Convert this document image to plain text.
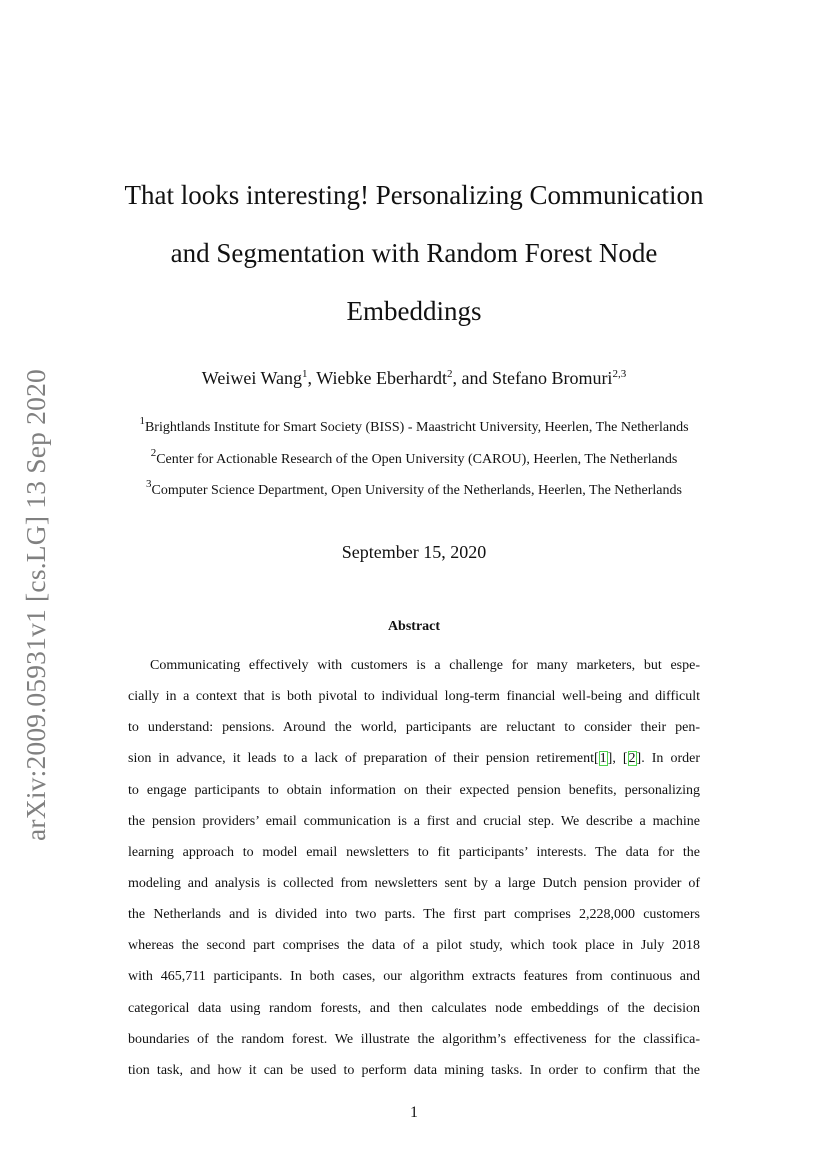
arXiv:2009.05931v1 [cs.LG] 13 Sep 2020
That looks interesting! Personalizing Communication
and Segmentation with Random Forest Node
Embeddings
Weiwei Wang$^1$, Wiebke Eberhardt$^2$, and Stefano Bromuri$^{2,3}$
$^1$Brightlands Institute for Smart Society (BISS) - Maastricht University, Heerlen, The Netherlands
$^2$Center for Actionable Research of the Open University (CAROU), Heerlen, The Netherlands
$^3$Computer Science Department, Open University of the Netherlands, Heerlen, The Netherlands
September 15, 2020
Abstract
Communicating effectively with customers is a challenge for many marketers, but espe-
cially in a context that is both pivotal to individual long-term financial well-being and difficult
to understand: pensions. Around the world, participants are reluctant to consider their pen-
sion in advance, it leads to a lack of preparation of their pension retirement[1], [2]. In order
to engage participants to obtain information on their expected pension benefits, personalizing
the pension providers’ email communication is a first and crucial step. We describe a machine
learning approach to model email newsletters to fit participants’ interests. The data for the
modeling and analysis is collected from newsletters sent by a large Dutch pension provider of
the Netherlands and is divided into two parts. The first part comprises 2,228,000 customers
whereas the second part comprises the data of a pilot study, which took place in July 2018
with 465,711 participants. In both cases, our algorithm extracts features from continuous and
categorical data using random forests, and then calculates node embeddings of the decision
boundaries of the random forest. We illustrate the algorithm’s effectiveness for the classifica-
tion task, and how it can be used to perform data mining tasks. In order to confirm that the
1
